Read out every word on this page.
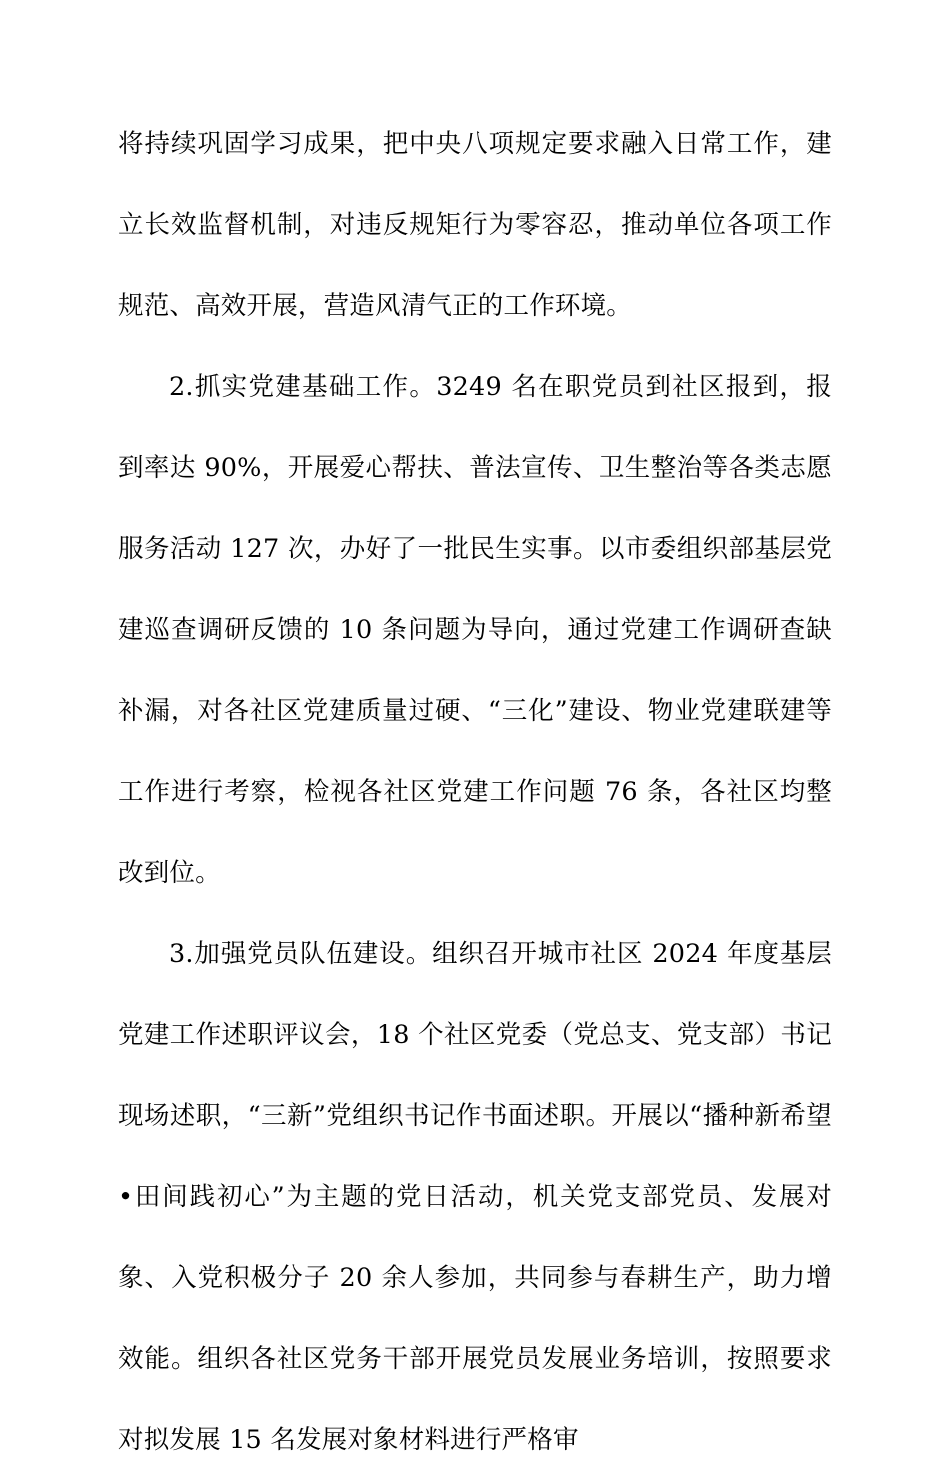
将持续巩固学习成果，把中央八项规定要求融入日常工作，建立长效监督机制，对违反规矩行为零容忍，推动单位各项工作规范、高效开展，营造风清气正的工作环境。

2.抓实党建基础工作。3249 名在职党员到社区报到，报到率达 90%，开展爱心帮扶、普法宣传、卫生整治等各类志愿服务活动 127 次，办好了一批民生实事。以市委组织部基层党建巡查调研反馈的 10 条问题为导向，通过党建工作调研查缺补漏，对各社区党建质量过硬、“三化”建设、物业党建联建等工作进行考察，检视各社区党建工作问题 76 条，各社区均整改到位。

3.加强党员队伍建设。组织召开城市社区 2024 年度基层党建工作述职评议会，18 个社区党委（党总支、党支部）书记现场述职，“三新”党组织书记作书面述职。开展以“播种新希望•田间践初心”为主题的党日活动，机关党支部党员、发展对象、入党积极分子 20 余人参加，共同参与春耕生产，助力增效能。组织各社区党务干部开展党员发展业务培训，按照要求对拟发展 15 名发展对象材料进行严格审
